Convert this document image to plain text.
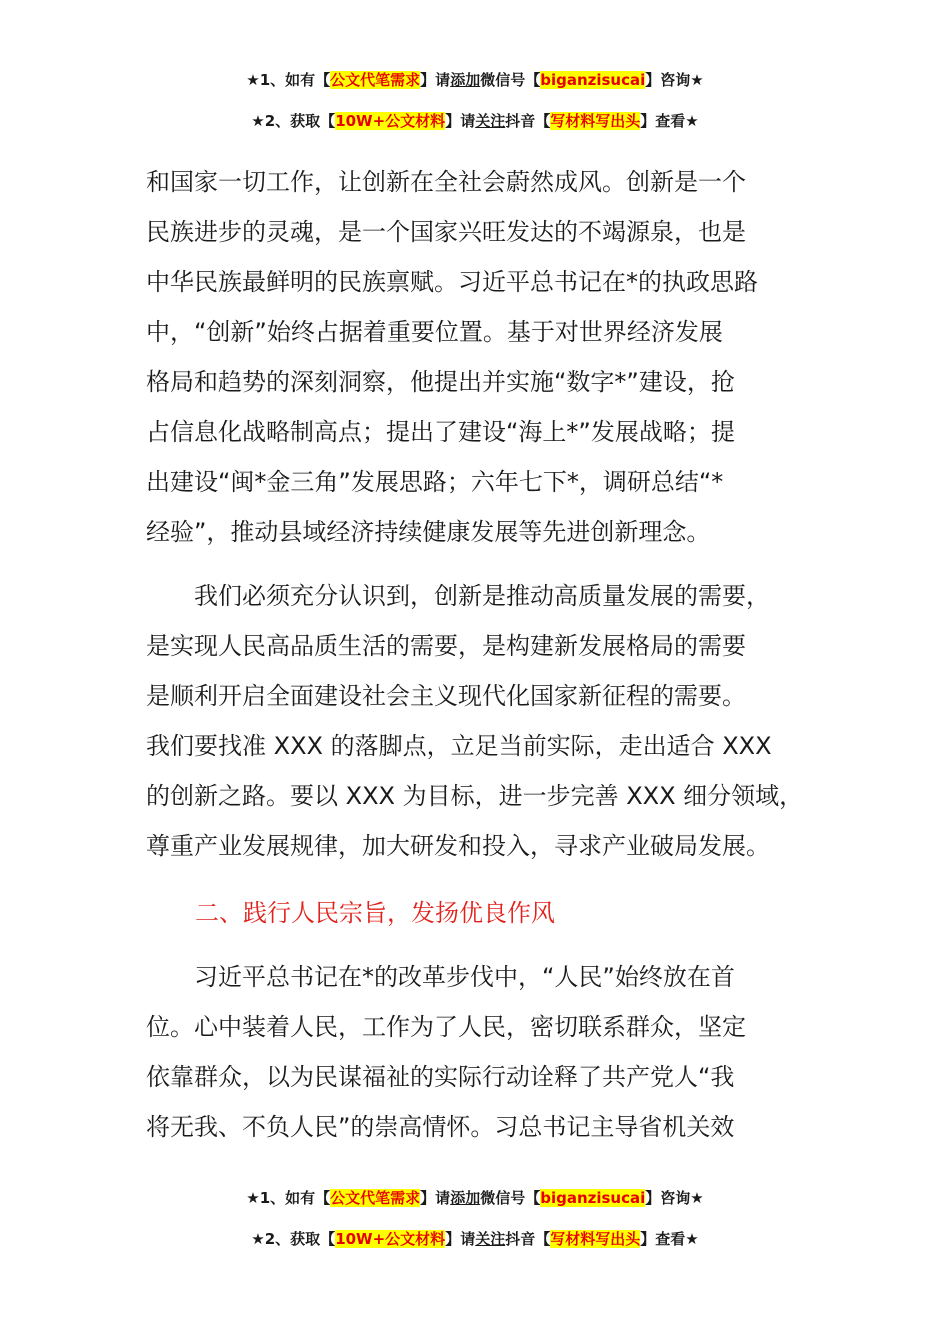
★1、如有【公文代笔需求】请添加微信号【biganzisucai】咨询★
★2、获取【10W+公文材料】请关注抖音【写材料写出头】查看★
和国家一切工作，让创新在全社会蔚然成风。创新是一个
民族进步的灵魂，是一个国家兴旺发达的不竭源泉，也是
中华民族最鲜明的民族禀赋。习近平总书记在*的执政思路
中，“创新”始终占据着重要位置。基于对世界经济发展
格局和趋势的深刻洞察，他提出并实施“数字*”建设，抢
占信息化战略制高点；提出了建设“海上*”发展战略；提
出建设“闽*金三角”发展思路；六年七下*，调研总结“*
经验”，推动县域经济持续健康发展等先进创新理念。
　　我们必须充分认识到，创新是推动高质量发展的需要，
是实现人民高品质生活的需要，是构建新发展格局的需要
是顺利开启全面建设社会主义现代化国家新征程的需要。
我们要找准 XXX 的落脚点，立足当前实际，走出适合 XXX
的创新之路。要以 XXX 为目标，进一步完善 XXX 细分领域，
尊重产业发展规律，加大研发和投入，寻求产业破局发展。
二、践行人民宗旨，发扬优良作风
　　习近平总书记在*的改革步伐中，“人民”始终放在首
位。心中装着人民，工作为了人民，密切联系群众，坚定
依靠群众，以为民谋福祉的实际行动诠释了共产党人“我
将无我、不负人民”的崇高情怀。习总书记主导省机关效
★1、如有【公文代笔需求】请添加微信号【biganzisucai】咨询★
★2、获取【10W+公文材料】请关注抖音【写材料写出头】查看★
